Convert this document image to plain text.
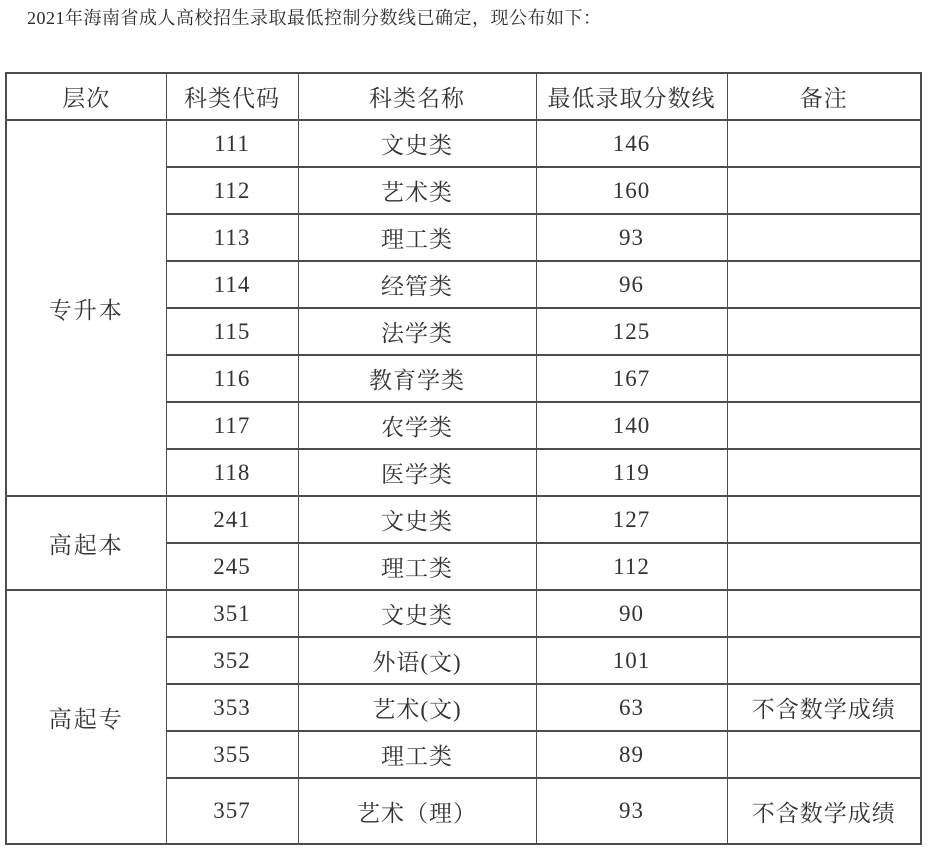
2021年海南省成人高校招生录取最低控制分数线已确定，现公布如下：

层次	科类代码	科类名称	最低录取分数线	备注
专升本	111	文史类	146	
	112	艺术类	160	
	113	理工类	93	
	114	经管类	96	
	115	法学类	125	
	116	教育学类	167	
	117	农学类	140	
	118	医学类	119	
高起本	241	文史类	127	
	245	理工类	112	
高起专	351	文史类	90	
	352	外语(文)	101	
	353	艺术(文)	63	不含数学成绩
	355	理工类	89	
	357	艺术（理）	93	不含数学成绩
